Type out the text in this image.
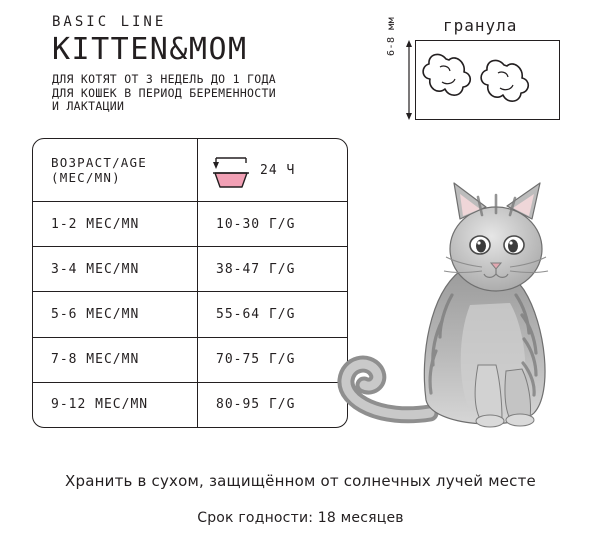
BASIC LINE
KITTEN&MOM
ДЛЯ КОТЯТ ОТ 3 НЕДЕЛЬ ДО 1 ГОДА
ДЛЯ КОШЕК В ПЕРИОД БЕРЕМЕННОСТИ
И ЛАКТАЦИИ
гранула
6-8 мм
ВОЗРАСТ/AGE
(МЕС/MN)	24 Ч
1-2 МЕС/MN	10-30 Г/G
3-4 МЕС/MN	38-47 Г/G
5-6 МЕС/MN	55-64 Г/G
7-8 МЕС/MN	70-75 Г/G
9-12 МЕС/MN	80-95 Г/G
Хранить в сухом, защищённом от солнечных лучей месте
Срок годности: 18 месяцев
